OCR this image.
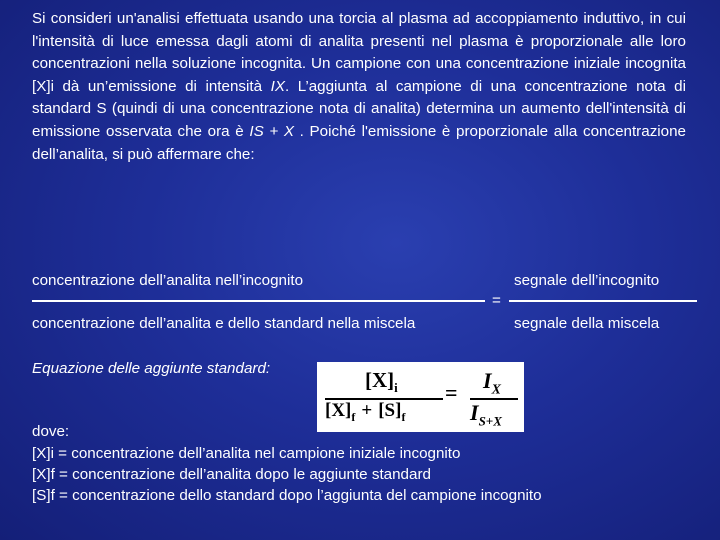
Si consideri un'analisi effettuata usando una torcia al plasma ad accoppiamento induttivo, in cui l'intensità di luce emessa dagli atomi di analita presenti nel plasma è proporzionale alle loro concentrazioni nella soluzione incognita. Un campione con una concentrazione iniziale incognita [X]i dà un’emissione di intensità IX. L’aggiunta al campione di una concentrazione nota di standard S (quindi di una concentrazione nota di analita) determina un aumento dell'intensità di emissione osservata che ora è IS + X . Poiché l'emissione è proporzionale alla concentrazione dell’analita, si può affermare che:

concentrazione dell’analita nell’incognito
concentrazione dell’analita e dello standard nella miscela
=
segnale dell’incognito
segnale della miscela
Equazione delle aggiunte standard:	$[X]_i$
$[X]_f + [S]_f$
= $I_X$
$I_{S+X}$
dove:
[X]i = concentrazione dell’analita nel campione iniziale incognito
[X]f = concentrazione dell’analita dopo le aggiunte standard
[S]f = concentrazione dello standard dopo l’aggiunta del campione incognito
